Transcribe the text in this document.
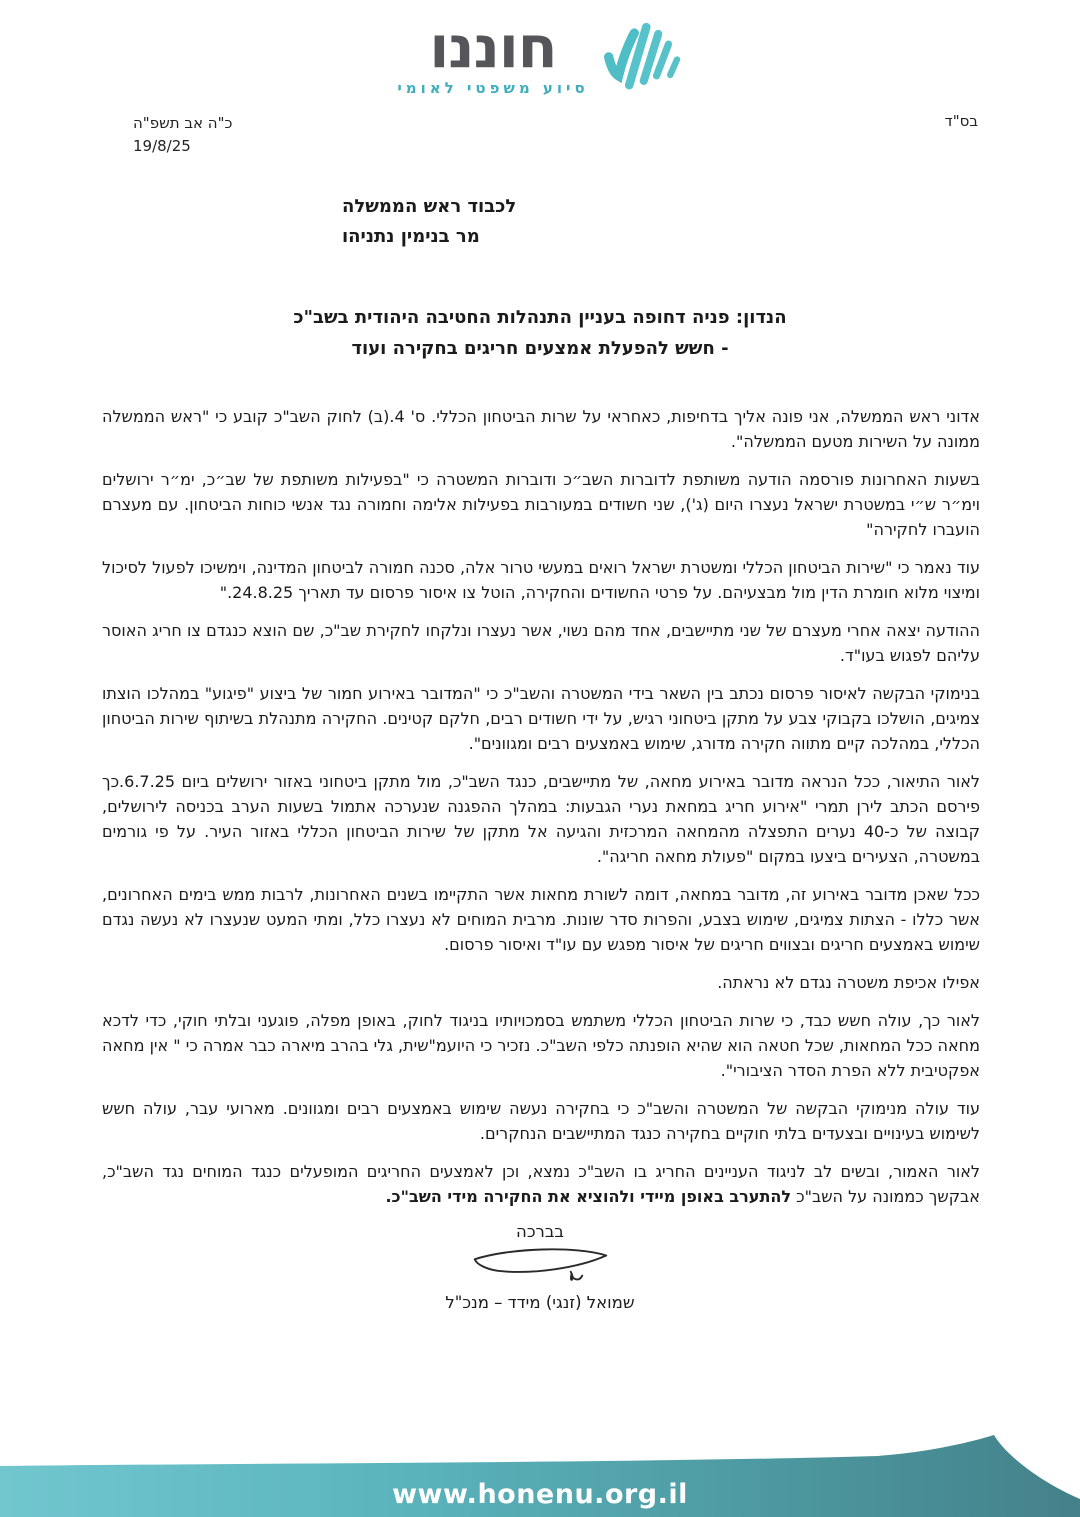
חוננו
סיוע משפטי לאומי
בס"ד
כ"ה אב תשפ"ה
19/8/25
לכבוד ראש הממשלה
מר בנימין נתניהו
הנדון: פניה דחופה בעניין התנהלות החטיבה היהודית בשב"כ
- חשש להפעלת אמצעים חריגים בחקירה ועוד

אדוני ראש הממשלה, אני פונה אליך בדחיפות, כאחראי על שרות הביטחון הכללי. ס' 4.(ב) לחוק השב"כ קובע כי "ראש הממשלה ממונה על השירות מטעם הממשלה".

בשעות האחרונות פורסמה הודעה משותפת לדוברות השב״כ ודוברות המשטרה כי "בפעילות משותפת של שב״כ, ימ״ר ירושלים וימ״ר ש״י במשטרת ישראל נעצרו היום (ג'), שני חשודים במעורבות בפעילות אלימה וחמורה נגד אנשי כוחות הביטחון. עם מעצרם הועברו לחקירה"

עוד נאמר כי "שירות הביטחון הכללי ומשטרת ישראל רואים במעשי טרור אלה, סכנה חמורה לביטחון המדינה, וימשיכו לפעול לסיכול ומיצוי מלוא חומרת הדין מול מבצעיהם. על פרטי החשודים והחקירה, הוטל צו איסור פרסום עד תאריך 24.8.25."

ההודעה יצאה אחרי מעצרם של שני מתיישבים, אחד מהם נשוי, אשר נעצרו ונלקחו לחקירת שב"כ, שם הוצא כנגדם צו חריג האוסר עליהם לפגוש בעו"ד.

בנימוקי הבקשה לאיסור פרסום נכתב בין השאר בידי המשטרה והשב"כ כי "המדובר באירוע חמור של ביצוע "פיגוע" במהלכו הוצתו צמיגים, הושלכו בקבוקי צבע על מתקן ביטחוני רגיש, על ידי חשודים רבים, חלקם קטינים. החקירה מתנהלת בשיתוף שירות הביטחון הכללי, במהלכה קיים מתווה חקירה מדורג, שימוש באמצעים רבים ומגוונים".

לאור התיאור, ככל הנראה מדובר באירוע מחאה, של מתיישבים, כנגד השב"כ, מול מתקן ביטחוני באזור ירושלים ביום 6.7.25.כך פירסם הכתב לירן תמרי "אירוע חריג במחאת נערי הגבעות: במהלך ההפגנה שנערכה אתמול בשעות הערב בכניסה לירושלים, קבוצה של כ-40 נערים התפצלה מהמחאה המרכזית והגיעה אל מתקן של שירות הביטחון הכללי באזור העיר. על פי גורמים במשטרה, הצעירים ביצעו במקום "פעולת מחאה חריגה".

ככל שאכן מדובר באירוע זה, מדובר במחאה, דומה לשורת מחאות אשר התקיימו בשנים האחרונות, לרבות ממש בימים האחרונים, אשר כללו - הצתות צמיגים, שימוש בצבע, והפרות סדר שונות. מרבית המוחים לא נעצרו כלל, ומתי המעט שנעצרו לא נעשה נגדם שימוש באמצעים חריגים ובצווים חריגים של איסור מפגש עם עו"ד ואיסור פרסום.

אפילו אכיפת משטרה נגדם לא נראתה.

לאור כך, עולה חשש כבד, כי שרות הביטחון הכללי משתמש בסמכויותיו בניגוד לחוק, באופן מפלה, פוגעני ובלתי חוקי, כדי לדכא מחאה ככל המחאות, שכל חטאה הוא שהיא הופנתה כלפי השב"כ. נזכיר כי היועמ"שית, גלי בהרב מיארה כבר אמרה כי " אין מחאה אפקטיבית ללא הפרת הסדר הציבורי".

עוד עולה מנימוקי הבקשה של המשטרה והשב"כ כי בחקירה נעשה שימוש באמצעים רבים ומגוונים. מארועי עבר, עולה חשש לשימוש בעינויים ובצעדים בלתי חוקיים בחקירה כנגד המתיישבים הנחקרים.

לאור האמור, ובשים לב לניגוד העניינים החריג בו השב"כ נמצא, וכן לאמצעים החריגים המופעלים כנגד המוחים נגד השב"כ, אבקשך כממונה על השב"כ להתערב באופן מיידי ולהוציא את החקירה מידי השב"כ.

בברכה
שמואל (זנגי) מידד – מנכ"ל
www.honenu.org.il
